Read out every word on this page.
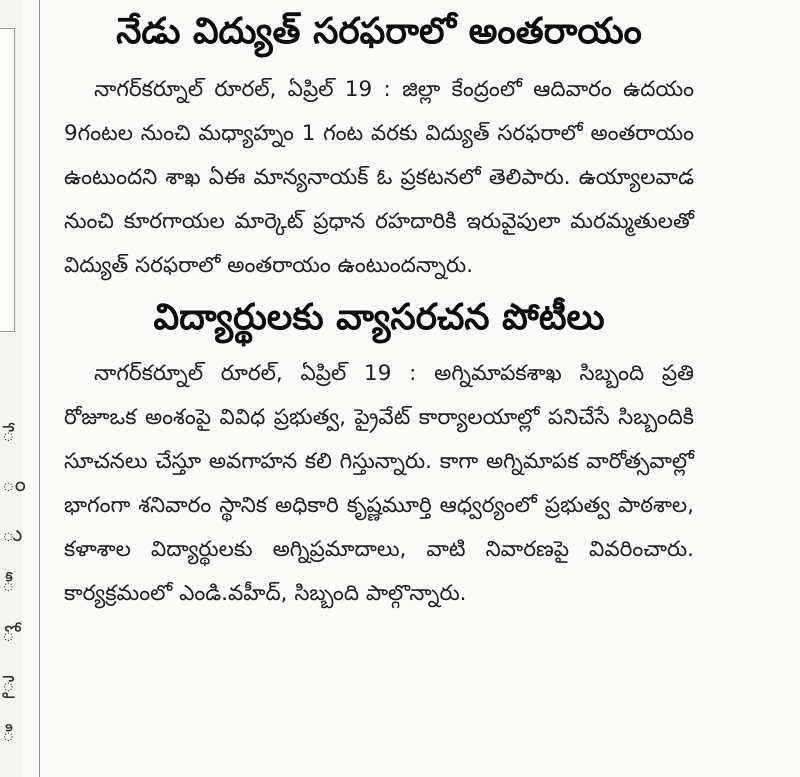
ే
ం
ు
ీ
ో
ై
ి
నేడు విద్యుత్ సరఫరాలో అంతరాయం

నాగర్‌కర్నూల్ రూరల్, ఏప్రిల్ 19 : జిల్లా కేంద్రంలో ఆదివారం ఉదయం 9గంటల నుంచి మధ్యాహ్నం 1 గంట వరకు విద్యుత్ సరఫరాలో అంతరాయం ఉంటుందని శాఖ ఏఈ మాన్యనాయక్ ఓ ప్రకటనలో తెలిపారు. ఉయ్యాలవాడ నుంచి కూరగాయల మార్కెట్ ప్రధాన రహదారికి ఇరువైపులా మరమ్మతులతో విద్యుత్ సరఫరాలో అంతరాయం ఉంటుందన్నారు.

విద్యార్థులకు వ్యాసరచన పోటీలు

నాగర్‌కర్నూల్ రూరల్, ఏప్రిల్ 19 : అగ్నిమాపకశాఖ సిబ్బంది ప్రతి రోజూఒక అంశంపై వివిధ ప్రభుత్వ, ప్రైవేట్ కార్యాలయాల్లో పనిచేసే సిబ్బందికి సూచనలు చేస్తూ అవగాహన కలి గిస్తున్నారు. కాగా అగ్నిమాపక వారోత్సవాల్లో భాగంగా శనివారం స్థానిక అధికారి కృష్ణమూర్తి ఆధ్వర్యంలో ప్రభుత్వ పాఠశాల, కళాశాల విద్యార్థులకు అగ్నిప్రమాదాలు, వాటి నివారణపై వివరించారు. కార్యక్రమంలో ఎండి.వహీద్, సిబ్బంది పాల్గొన్నారు.
